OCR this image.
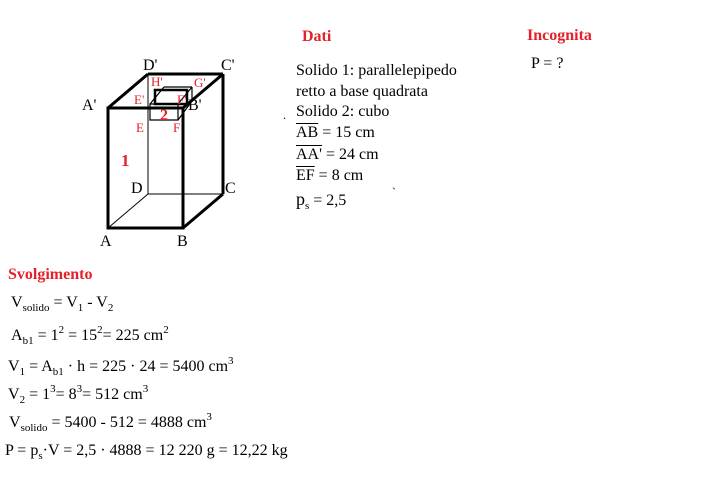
A	B
C
D
A'	B'
C'
D'
E F
E'	F'
G'
H'
1
2
Dati
Solido 1: parallelepipedo
retto a base quadrata
Solido 2: cubo
.
$\overline{AB} = 15$ cm
AA' = 24 cm
$\overline{EF} = 8$ cm ˏ
$p_s = 2,5$
Incognita
P = ?
Svolgimento
$V_{solido} = V_1 - V_2$
$A_{b1} = 1^2 = 15^2= 225$ $cm^2$
$V_1 = A_{b1} \cdot h = 225 \cdot 24 = 5400$ $cm^3$
$V_2 = 1^3= 8^3= 512$ $cm^3$
$V_{solido} = 5400 - 512 = 4888$ $cm^3$
$P = p_s\cdot V = 2,5 \cdot 4888 = 12$ 220 g = 12,22 kg
